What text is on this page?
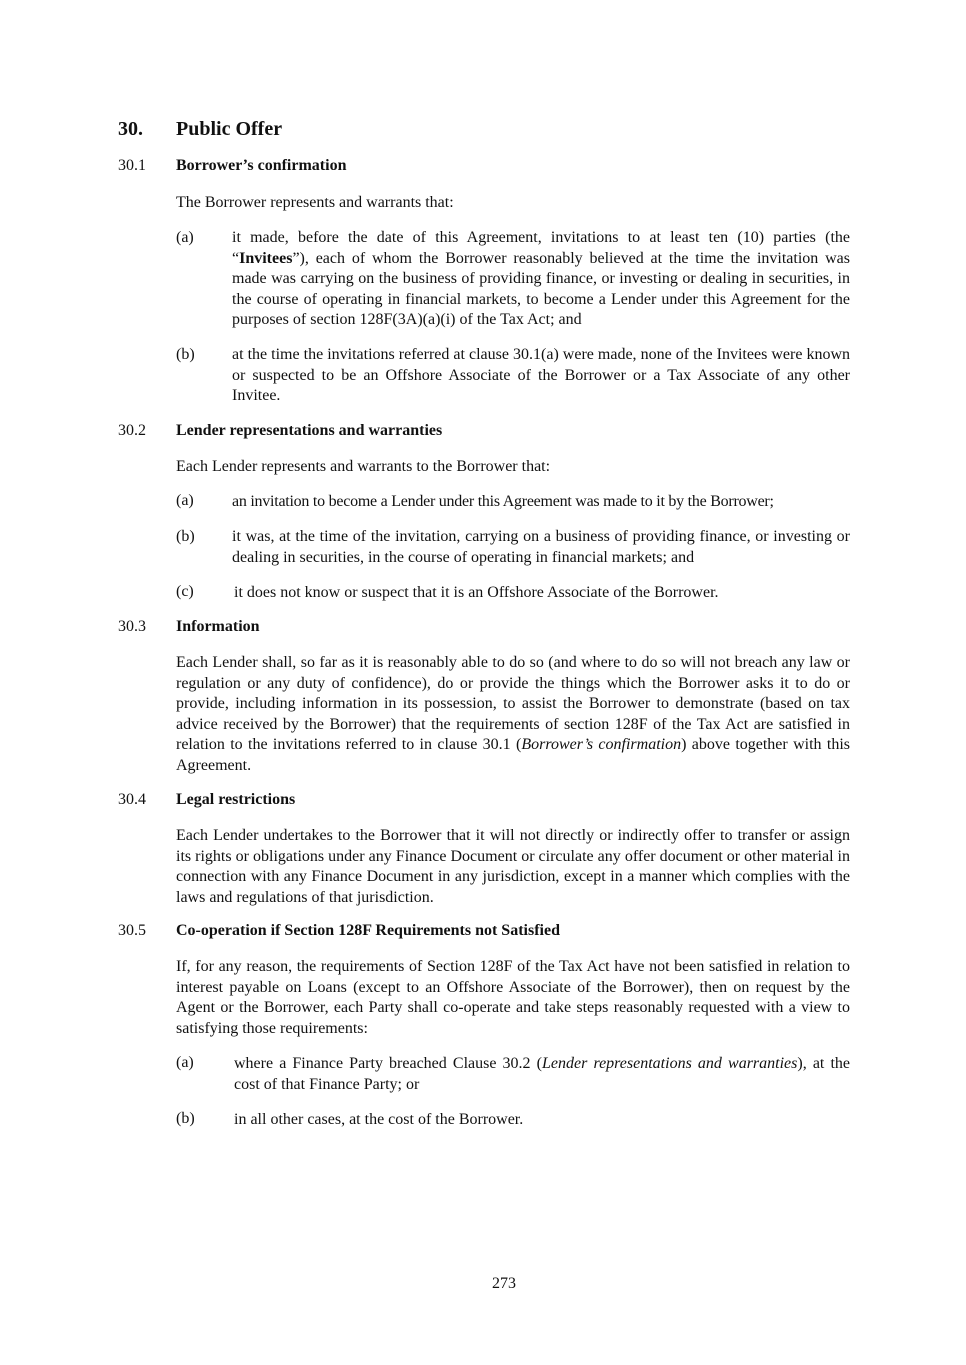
30. Public Offer
30.1 Borrower’s confirmation
The Borrower represents and warrants that:
(a) it made, before the date of this Agreement, invitations to at least ten (10) parties (the “Invitees”), each of whom the Borrower reasonably believed at the time the invitation was made was carrying on the business of providing finance, or investing or dealing in securities, in the course of operating in financial markets, to become a Lender under this Agreement for the purposes of section 128F(3A)(a)(i) of the Tax Act; and
(b) at the time the invitations referred at clause 30.1(a) were made, none of the Invitees were known or suspected to be an Offshore Associate of the Borrower or a Tax Associate of any other Invitee.
30.2 Lender representations and warranties
Each Lender represents and warrants to the Borrower that:
(a) an invitation to become a Lender under this Agreement was made to it by the Borrower;
(b) it was, at the time of the invitation, carrying on a business of providing finance, or investing or dealing in securities, in the course of operating in financial markets; and
(c)	it does not know or suspect that it is an Offshore Associate of the Borrower.
30.3 Information
Each Lender shall, so far as it is reasonably able to do so (and where to do so will not breach any law or regulation or any duty of confidence), do or provide the things which the Borrower asks it to do or provide, including information in its possession, to assist the Borrower to demonstrate (based on tax advice received by the Borrower) that the requirements of section 128F of the Tax Act are satisfied in relation to the invitations referred to in clause 30.1 (Borrower’s confirmation) above together with this Agreement.
30.4 Legal restrictions
Each Lender undertakes to the Borrower that it will not directly or indirectly offer to transfer or assign its rights or obligations under any Finance Document or circulate any offer document or other material in connection with any Finance Document in any jurisdiction, except in a manner which complies with the laws and regulations of that jurisdiction.
30.5 Co-operation if Section 128F Requirements not Satisfied
If, for any reason, the requirements of Section 128F of the Tax Act have not been satisfied in relation to interest payable on Loans (except to an Offshore Associate of the Borrower), then on request by the Agent or the Borrower, each Party shall co-operate and take steps reasonably requested with a view to satisfying those requirements:
(a)	where a Finance Party breached Clause 30.2 (Lender representations and warranties), at the cost of that Finance Party; or
(b) in all other cases, at the cost of the Borrower.
273
